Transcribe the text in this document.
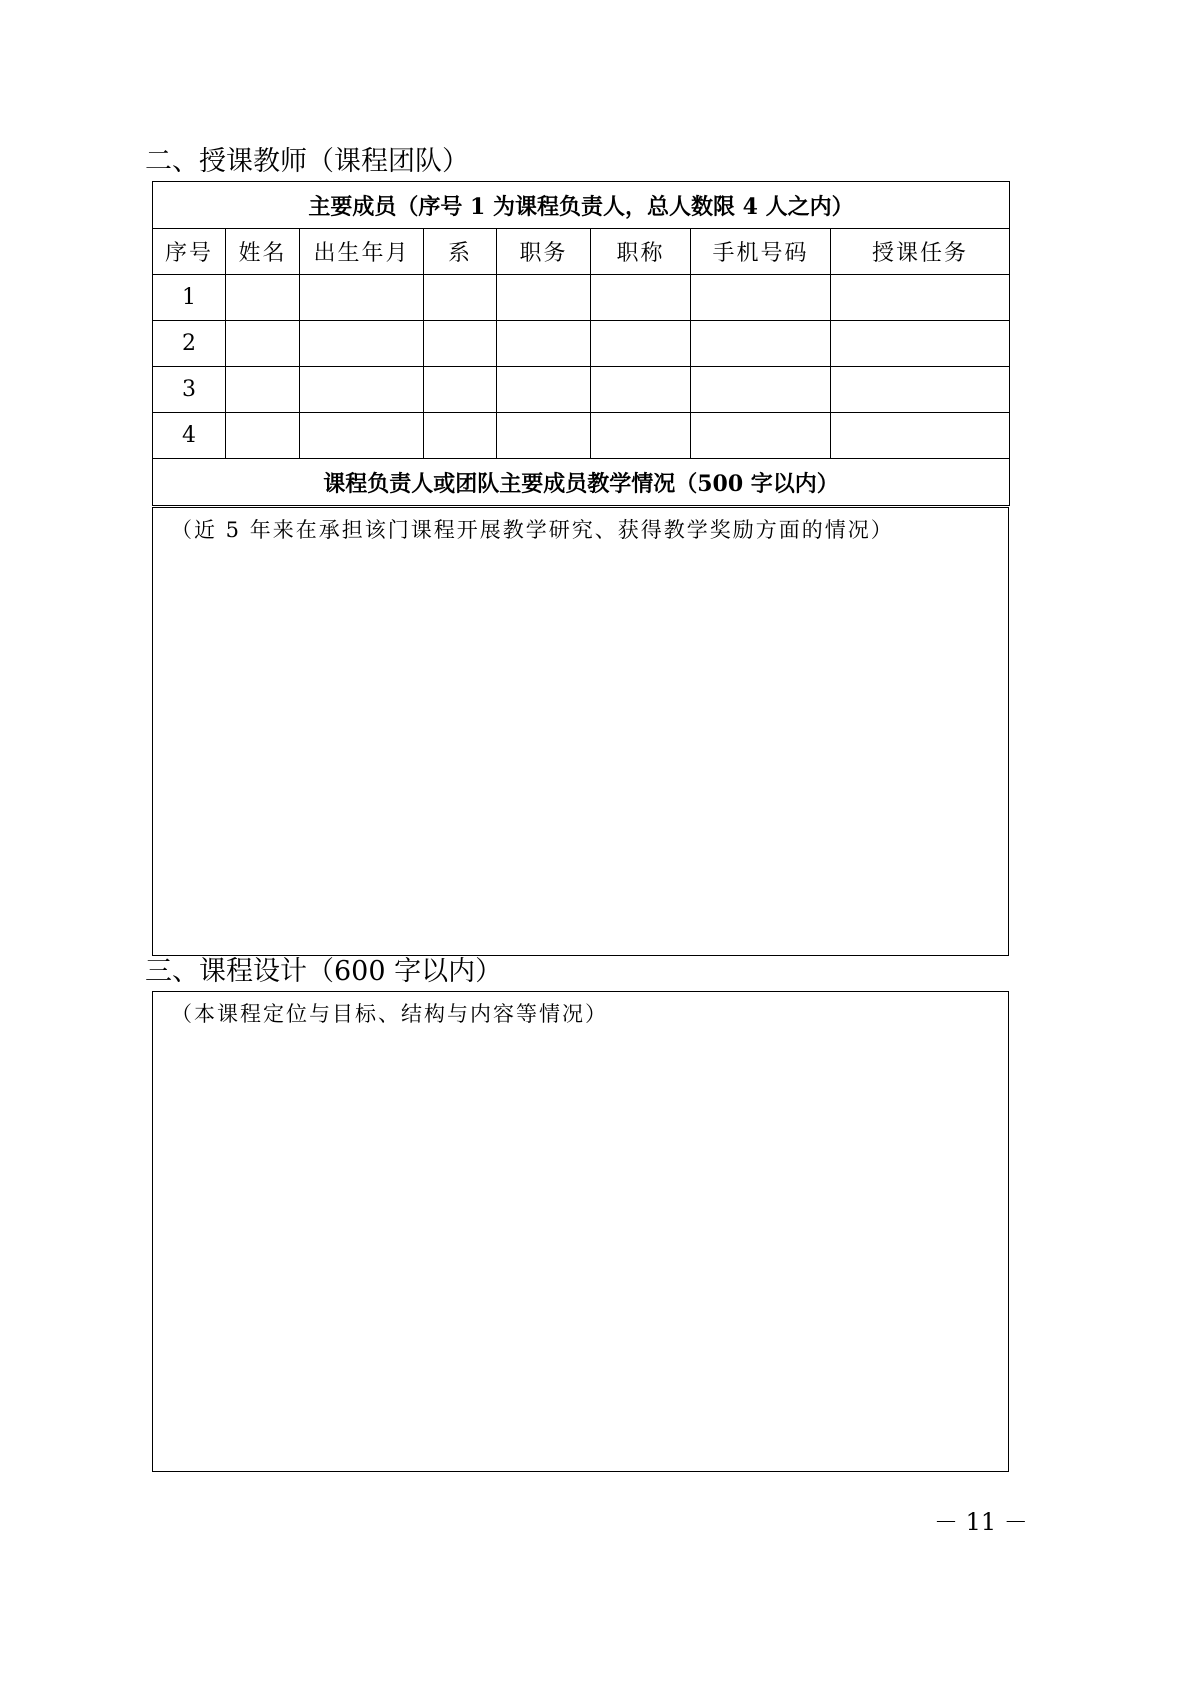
二、授课教师（课程团队）
主要成员（序号 1 为课程负责人，总人数限 4 人之内）							
序号	姓名	出生年月	系	职务	职称	手机号码	授课任务
1							
2							
3							
4							
课程负责人或团队主要成员教学情况（500 字以内）							
（近 5 年来在承担该门课程开展教学研究、获得教学奖励方面的情况）
三、课程设计（600 字以内）
（本课程定位与目标、结构与内容等情况）
－ 11 －
